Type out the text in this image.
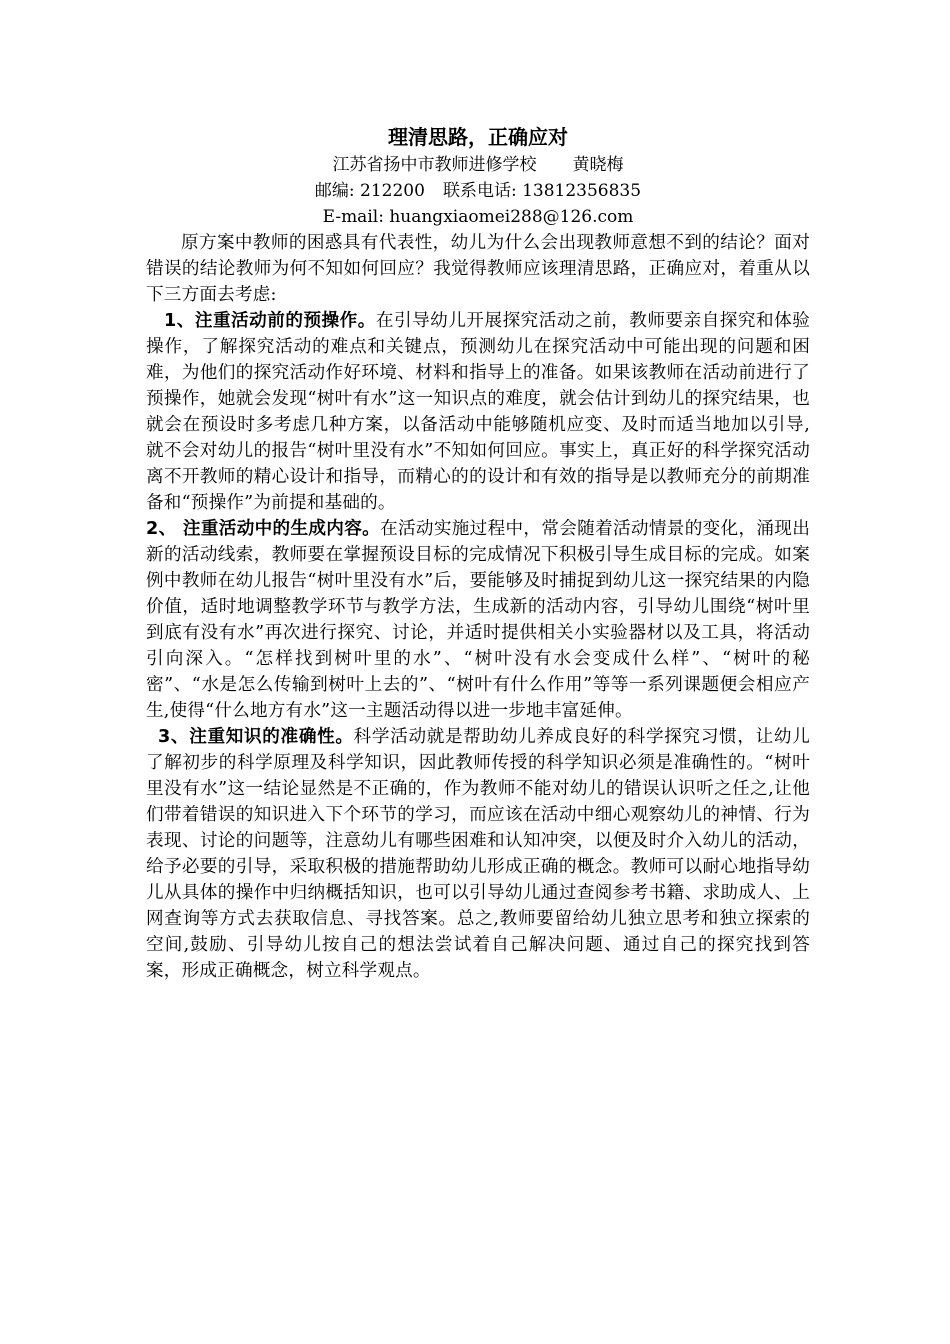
理清思路，正确应对
江苏省扬中市教师进修学校 黄晓梅
邮编: 212200 联系电话: 13812356835
E-mail: huangxiaomei288@126.com

原方案中教师的困惑具有代表性，幼儿为什么会出现教师意想不到的结论？面对错误的结论教师为何不知如何回应？我觉得教师应该理清思路，正确应对，着重从以下三方面去考虑:

1、注重活动前的预操作。在引导幼儿开展探究活动之前，教师要亲自探究和体验操作，了解探究活动的难点和关键点，预测幼儿在探究活动中可能出现的问题和困难，为他们的探究活动作好环境、材料和指导上的准备。如果该教师在活动前进行了预操作，她就会发现“树叶有水”这一知识点的难度，就会估计到幼儿的探究结果，也就会在预设时多考虑几种方案，以备活动中能够随机应变、及时而适当地加以引导,就不会对幼儿的报告“树叶里没有水”不知如何回应。事实上，真正好的科学探究活动离不开教师的精心设计和指导，而精心的的设计和有效的指导是以教师充分的前期准备和“预操作”为前提和基础的。

2、 注重活动中的生成内容。在活动实施过程中，常会随着活动情景的变化，涌现出新的活动线索，教师要在掌握预设目标的完成情况下积极引导生成目标的完成。如案例中教师在幼儿报告“树叶里没有水”后，要能够及时捕捉到幼儿这一探究结果的内隐价值，适时地调整教学环节与教学方法，生成新的活动内容，引导幼儿围绕“树叶里到底有没有水”再次进行探究、讨论，并适时提供相关小实验器材以及工具，将活动引向深入。“怎样找到树叶里的水”、“树叶没有水会变成什么样”、“树叶的秘密”、“水是怎么传输到树叶上去的”、“树叶有什么作用”等等一系列课题便会相应产生,使得“什么地方有水”这一主题活动得以进一步地丰富延伸。

3、注重知识的准确性。科学活动就是帮助幼儿养成良好的科学探究习惯，让幼儿了解初步的科学原理及科学知识，因此教师传授的科学知识必须是准确性的。“树叶里没有水”这一结论显然是不正确的，作为教师不能对幼儿的错误认识听之任之,让他们带着错误的知识进入下个环节的学习，而应该在活动中细心观察幼儿的神情、行为表现、讨论的问题等，注意幼儿有哪些困难和认知冲突，以便及时介入幼儿的活动，给予必要的引导，采取积极的措施帮助幼儿形成正确的概念。教师可以耐心地指导幼儿从具体的操作中归纳概括知识，也可以引导幼儿通过查阅参考书籍、求助成人、上网查询等方式去获取信息、寻找答案。总之,教师要留给幼儿独立思考和独立探索的空间,鼓励、引导幼儿按自己的想法尝试着自己解决问题、通过自己的探究找到答案，形成正确概念，树立科学观点。
